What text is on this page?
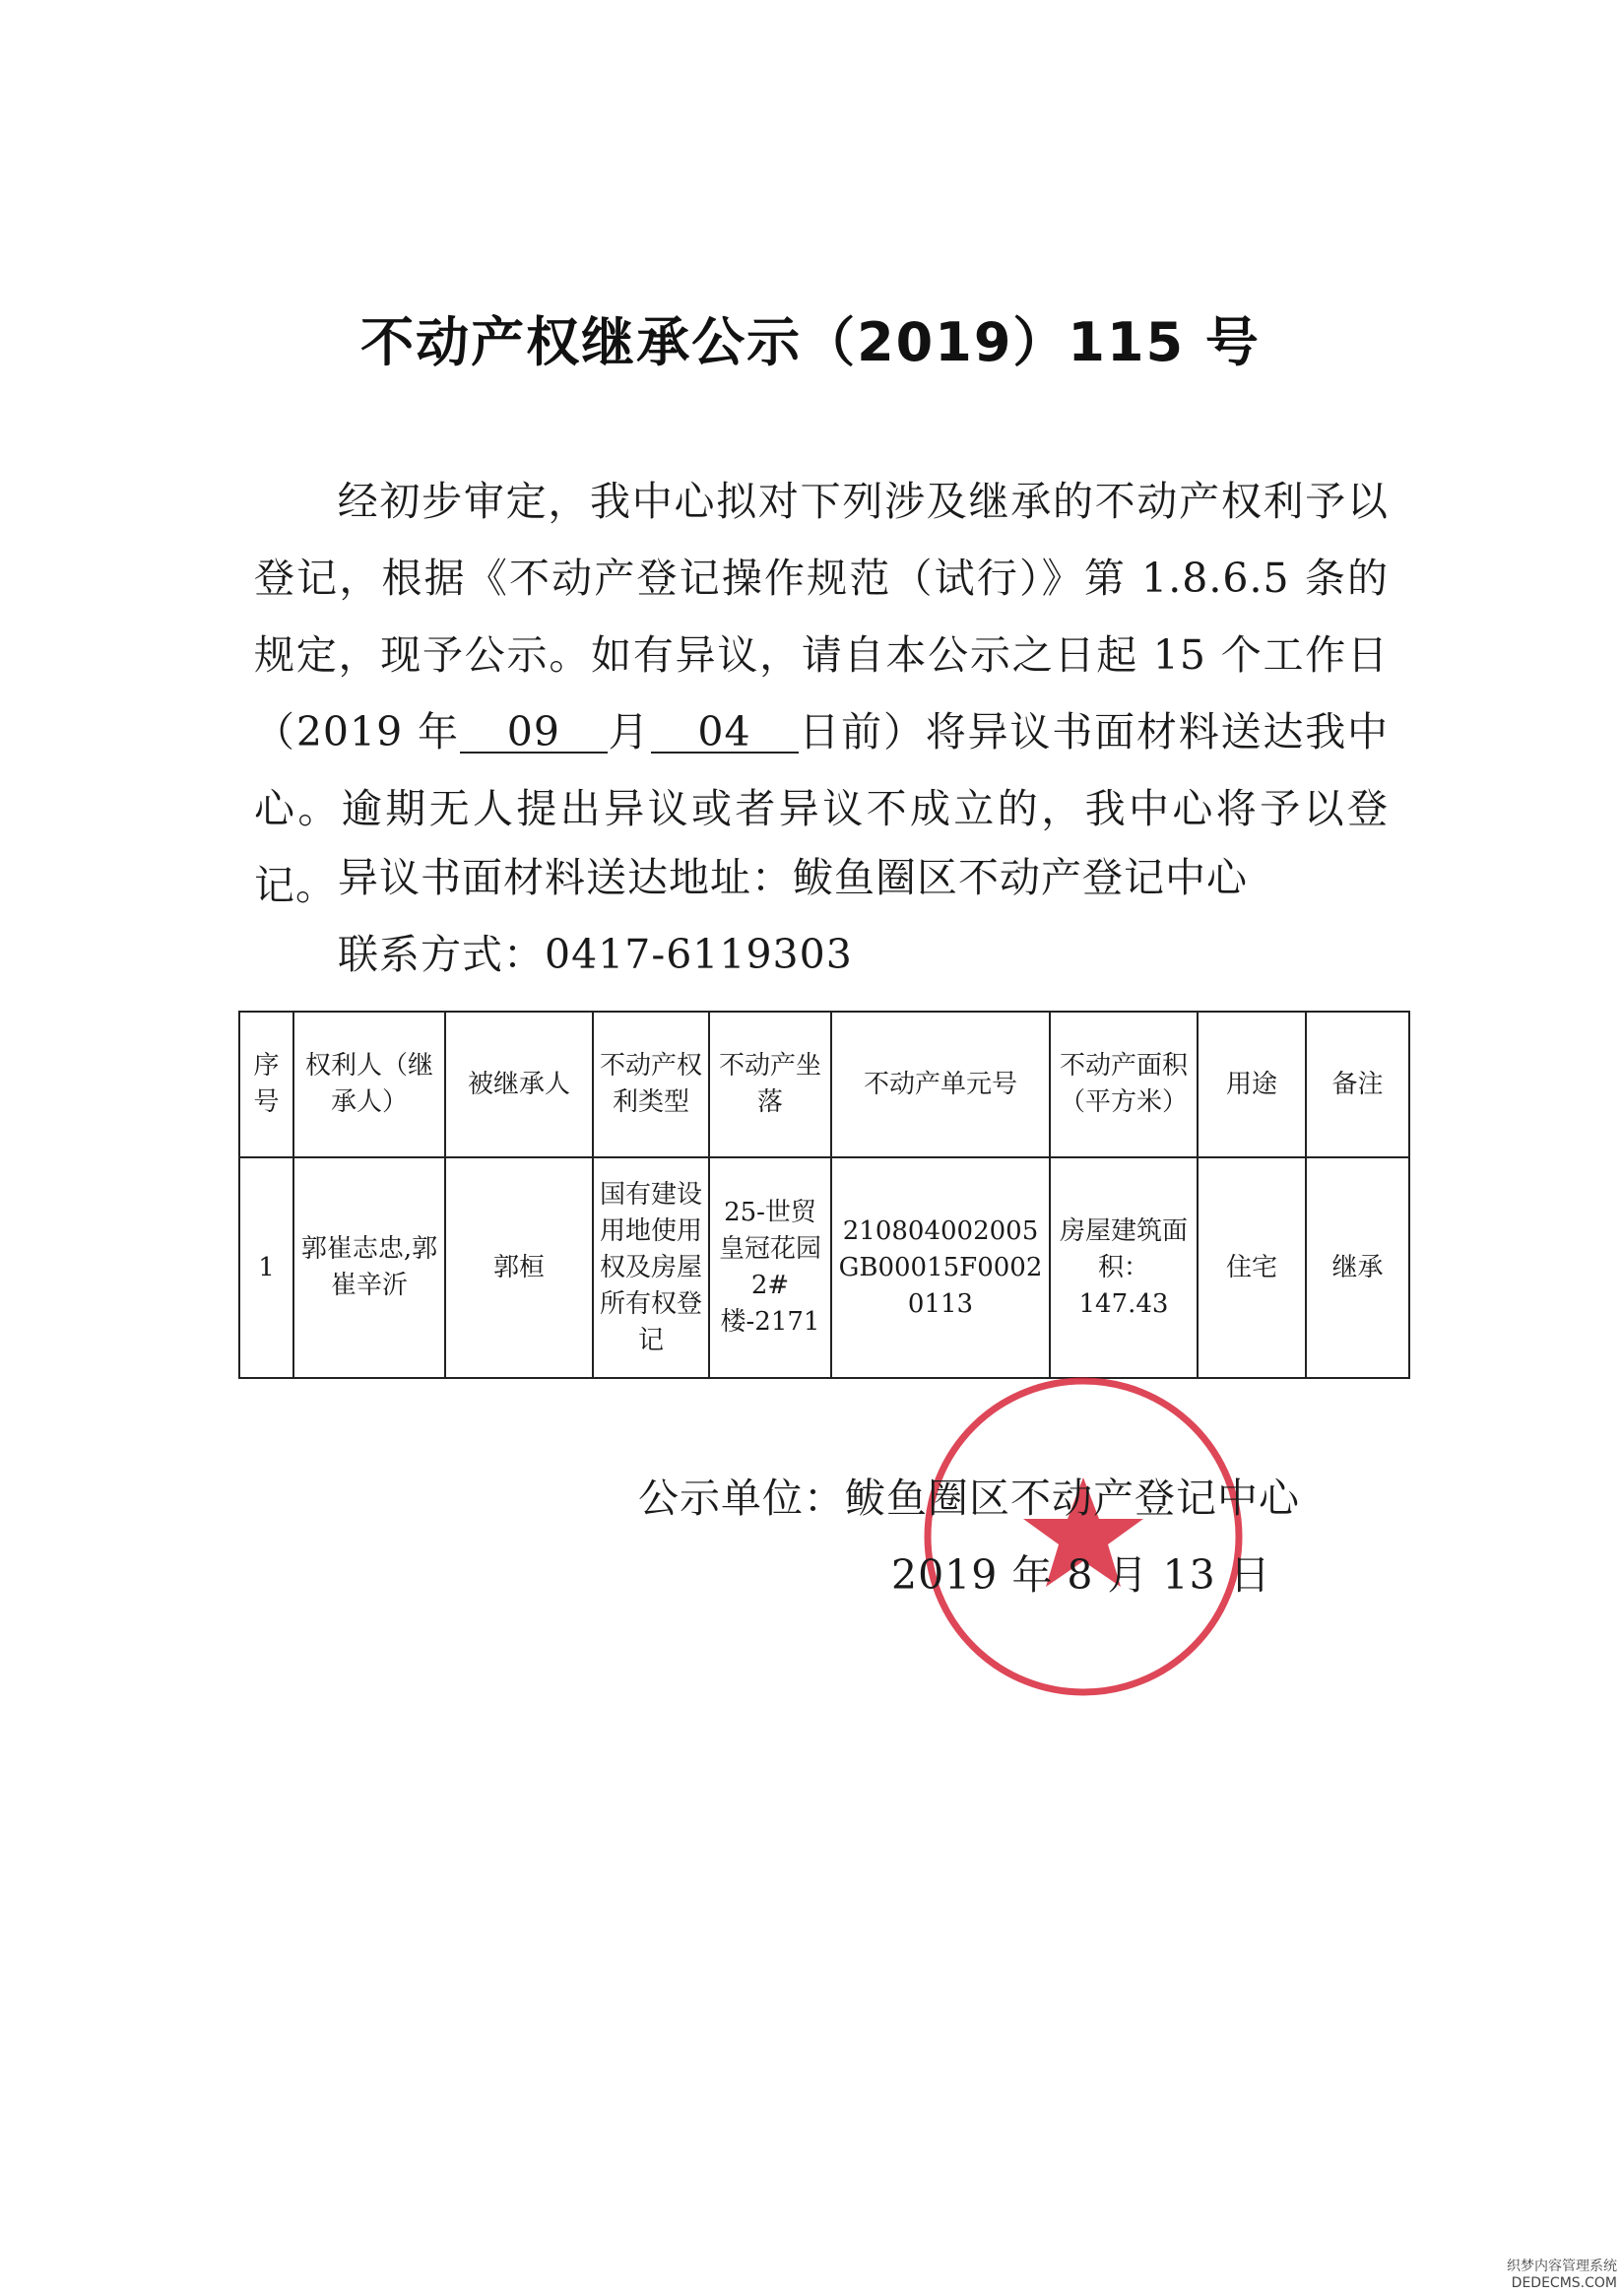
不动产权继承公示（2019）115 号
经初步审定，我中心拟对下列涉及继承的不动产权利予以登记，根据《不动产登记操作规范（试行）》第 1.8.6.5 条的规定，现予公示。如有异议，请自本公示之日起 15 个工作日（2019 年 09 月 04 日前）将异议书面材料送达我中心。逾期无人提出异议或者异议不成立的，我中心将予以登记。 异议书面材料送达地址：鲅鱼圈区不动产登记中心
联系方式：0417-6119303
序号	权利人（继承人）	被继承人	不动产权利类型	不动产坐落	不动产单元号	不动产面积（平方米）	用途	备注
1	郭崔志忠,郭崔辛沂	郭桓	国有建设用地使用权及房屋所有权登记	25-世贸皇冠花园 2#楼-2171	210804002005GB00015F00020113	房屋建筑面积：147.43	住宅	继承
公示单位：鲅鱼圈区不动产登记中心
2019 年 8 月 13 日
织梦内容管理系统
DEDECMS.COM
